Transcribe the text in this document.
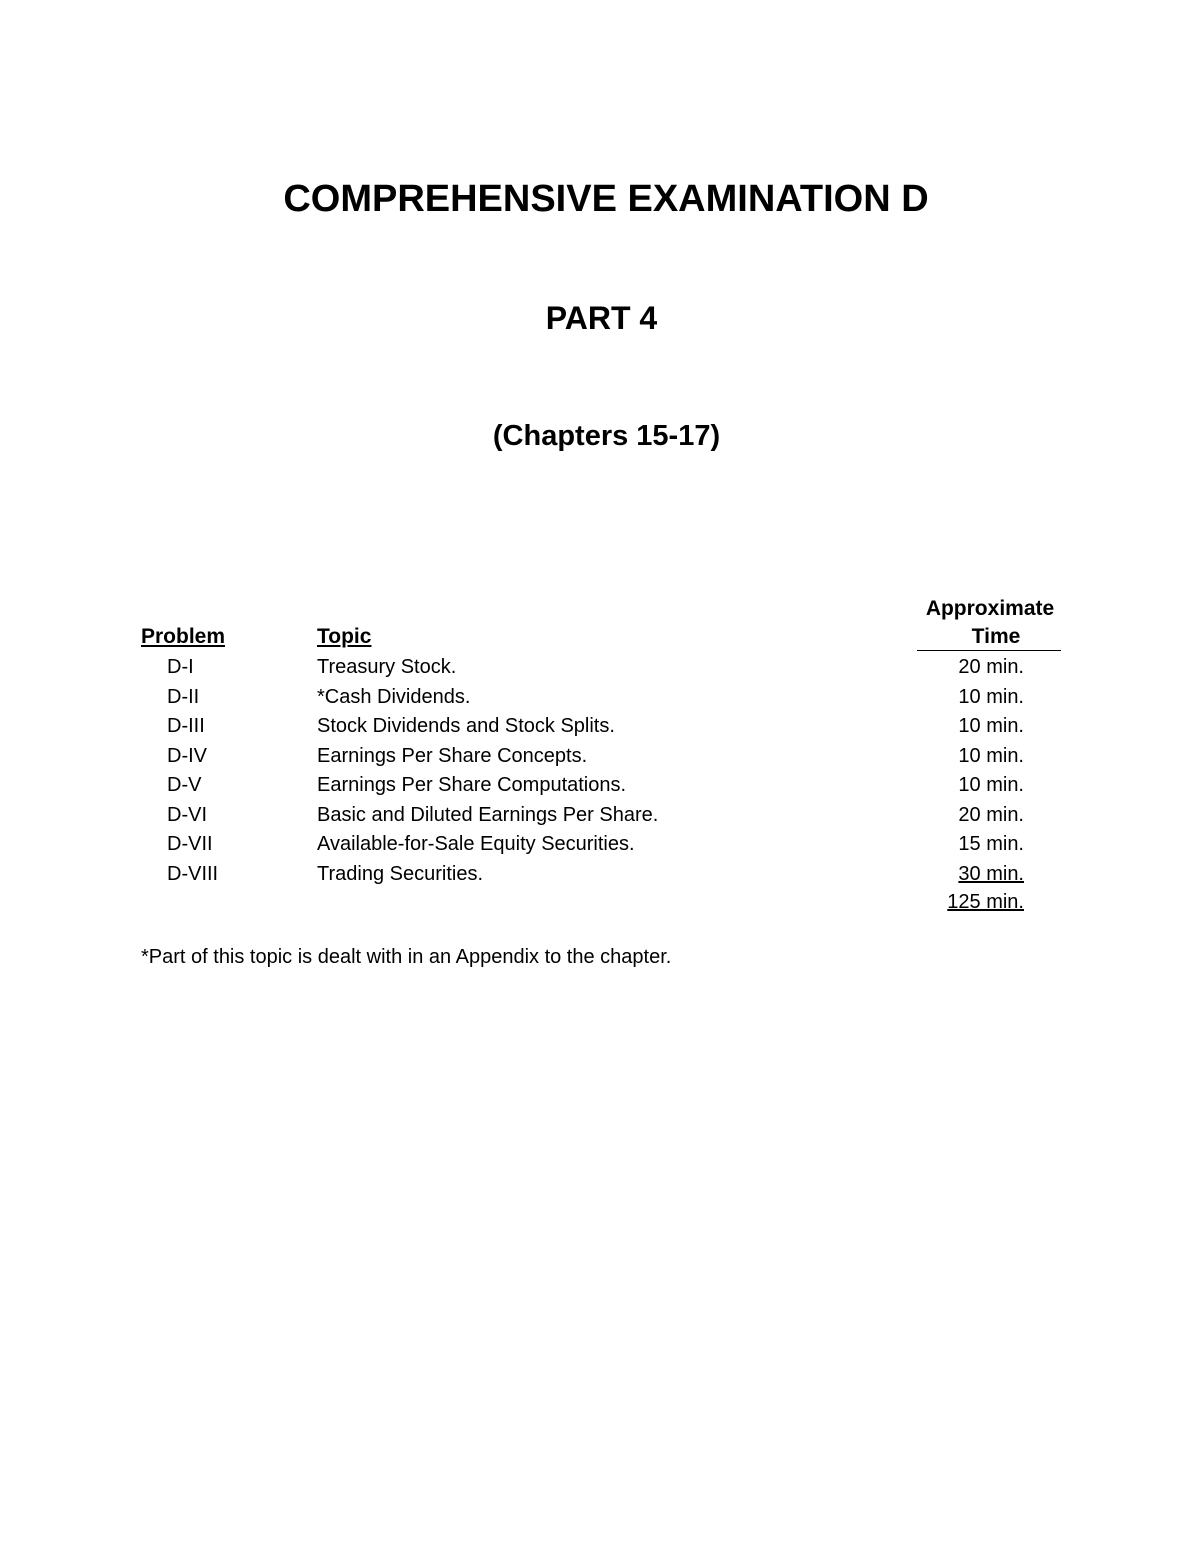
COMPREHENSIVE EXAMINATION D
PART 4
(Chapters 15-17)
Problem	Topic
Approximate
Time
D-I	Treasury Stock.	20 min.
D-II	*Cash Dividends.	10 min.
D-III	Stock Dividends and Stock Splits.	10 min.
D-IV	Earnings Per Share Concepts.	10 min.
D-V	Earnings Per Share Computations.	10 min.
D-VI	Basic and Diluted Earnings Per Share.	20 min.
D-VII	Available-for-Sale Equity Securities.	15 min.
D-VIII	Trading Securities.	30 min.
125 min.
*Part of this topic is dealt with in an Appendix to the chapter.
